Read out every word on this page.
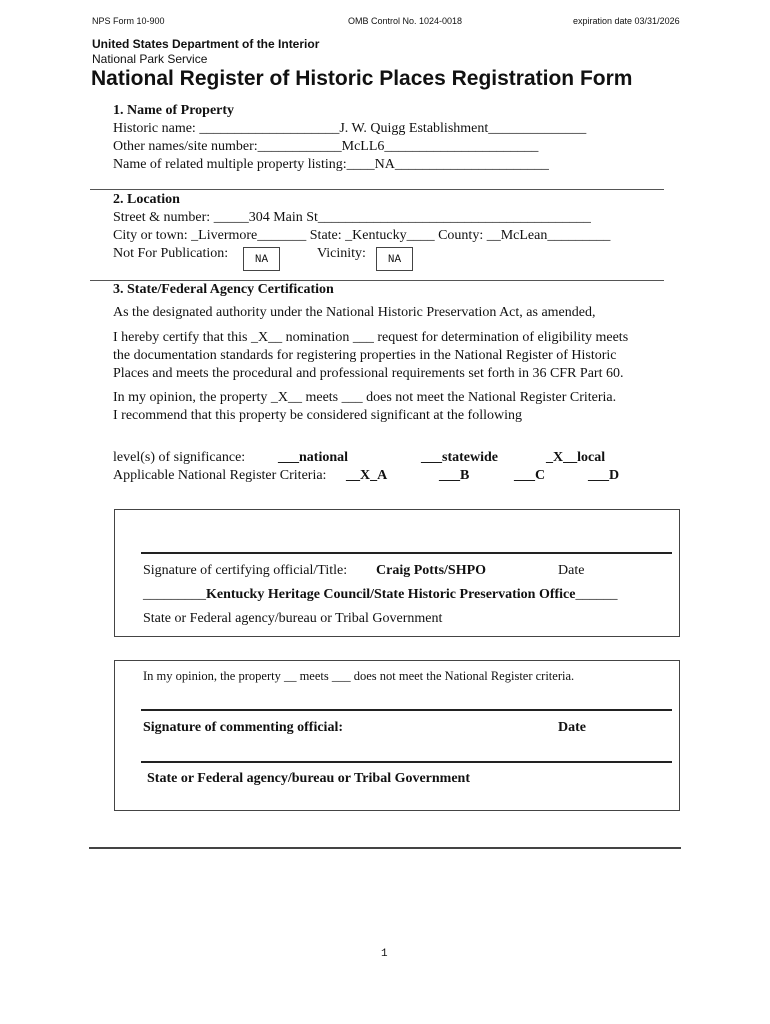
NPS Form 10-900	OMB Control No. 1024-0018	expiration date 03/31/2026
United States Department of the Interior
National Park Service
National Register of Historic Places Registration Form
1. Name of Property
Historic name: ____________________J. W. Quigg Establishment______________
Other names/site number:____________McLL6______________________
Name of related multiple property listing:____NA______________________
2. Location
Street & number: _____304 Main St_______________________________________
City or town: _Livermore_______ State: _Kentucky____ County: __McLean_________
Not For Publication:	NA	Vicinity:	NA
3. State/Federal Agency Certification
As the designated authority under the National Historic Preservation Act, as amended,
I hereby certify that this _X__ nomination ___ request for determination of eligibility meets
the documentation standards for registering properties in the National Register of Historic
Places and meets the procedural and professional requirements set forth in 36 CFR Part 60.
In my opinion, the property _X__ meets ___ does not meet the National Register Criteria.
I recommend that this property be considered significant at the following
level(s) of significance: ___national	___statewide	_X__local
Applicable National Register Criteria: __X_A	___B	___C	___D
Signature of certifying official/Title: Craig Potts/SHPO	Date
_________Kentucky Heritage Council/State Historic Preservation Office______
State or Federal agency/bureau or Tribal Government
In my opinion, the property __ meets ___ does not meet the National Register criteria.
Signature of commenting official:	Date
State or Federal agency/bureau or Tribal Government
1
